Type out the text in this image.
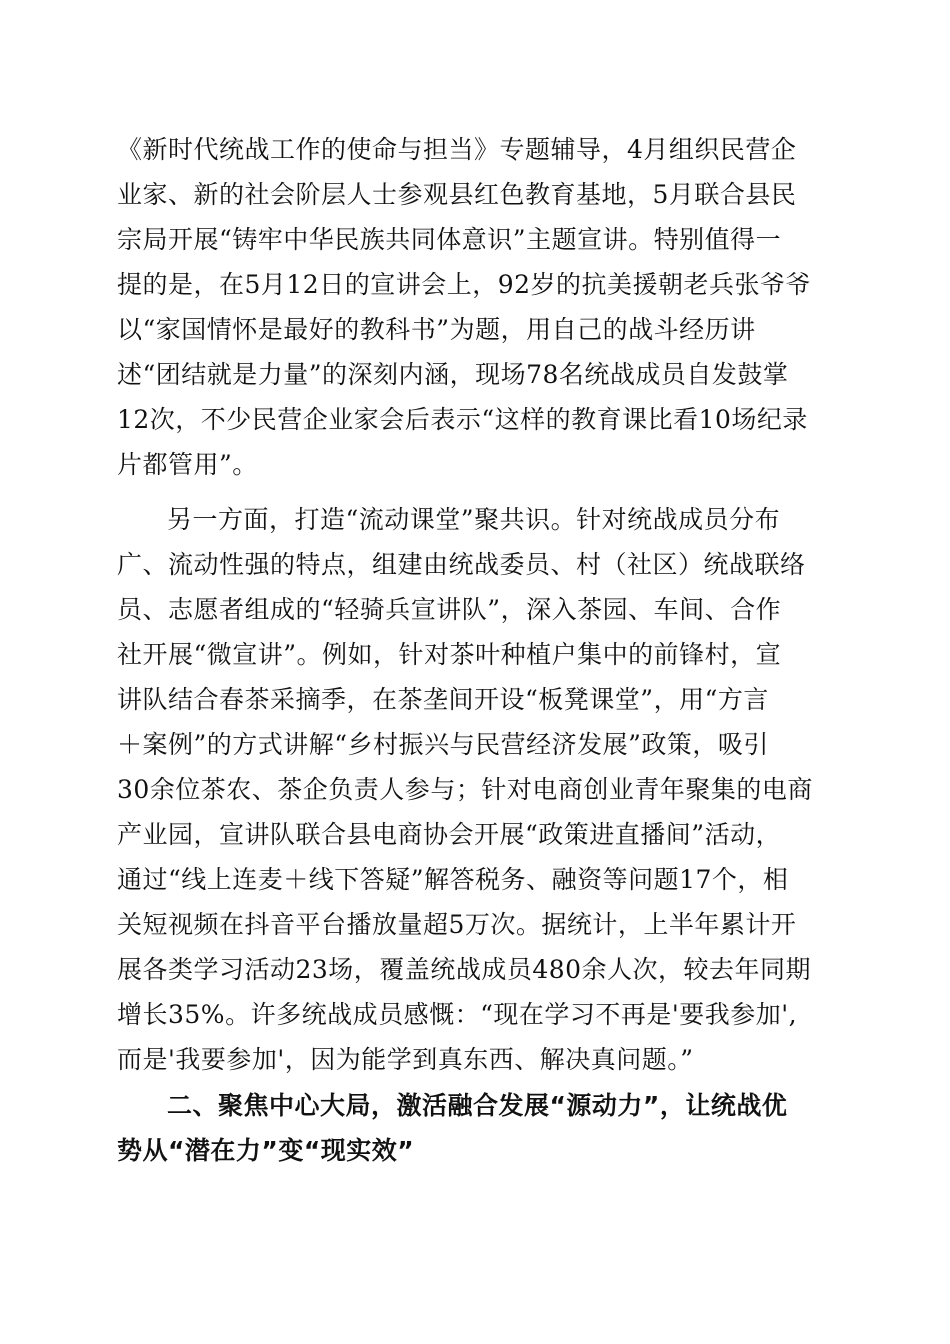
《新时代统战工作的使命与担当》专题辅导，4月组织民营企
业家、新的社会阶层人士参观县红色教育基地，5月联合县民
宗局开展“铸牢中华民族共同体意识”主题宣讲。特别值得一
提的是，在5月12日的宣讲会上，92岁的抗美援朝老兵张爷爷
以“家国情怀是最好的教科书”为题，用自己的战斗经历讲
述“团结就是力量”的深刻内涵，现场78名统战成员自发鼓掌
12次，不少民营企业家会后表示“这样的教育课比看10场纪录
片都管用”。
另一方面，打造“流动课堂”聚共识。针对统战成员分布
广、流动性强的特点，组建由统战委员、村（社区）统战联络
员、志愿者组成的“轻骑兵宣讲队”，深入茶园、车间、合作
社开展“微宣讲”。例如，针对茶叶种植户集中的前锋村，宣
讲队结合春茶采摘季，在茶垄间开设“板凳课堂”，用“方言
＋案例”的方式讲解“乡村振兴与民营经济发展”政策，吸引
30余位茶农、茶企负责人参与；针对电商创业青年聚集的电商
产业园，宣讲队联合县电商协会开展“政策进直播间”活动，
通过“线上连麦＋线下答疑”解答税务、融资等问题17个，相
关短视频在抖音平台播放量超5万次。据统计，上半年累计开
展各类学习活动23场，覆盖统战成员480余人次，较去年同期
增长35%。许多统战成员感慨：“现在学习不再是'要我参加',
而是'我要参加'，因为能学到真东西、解决真问题。”
二、聚焦中心大局，激活融合发展“源动力”，让统战优
势从“潜在力”变“现实效”
